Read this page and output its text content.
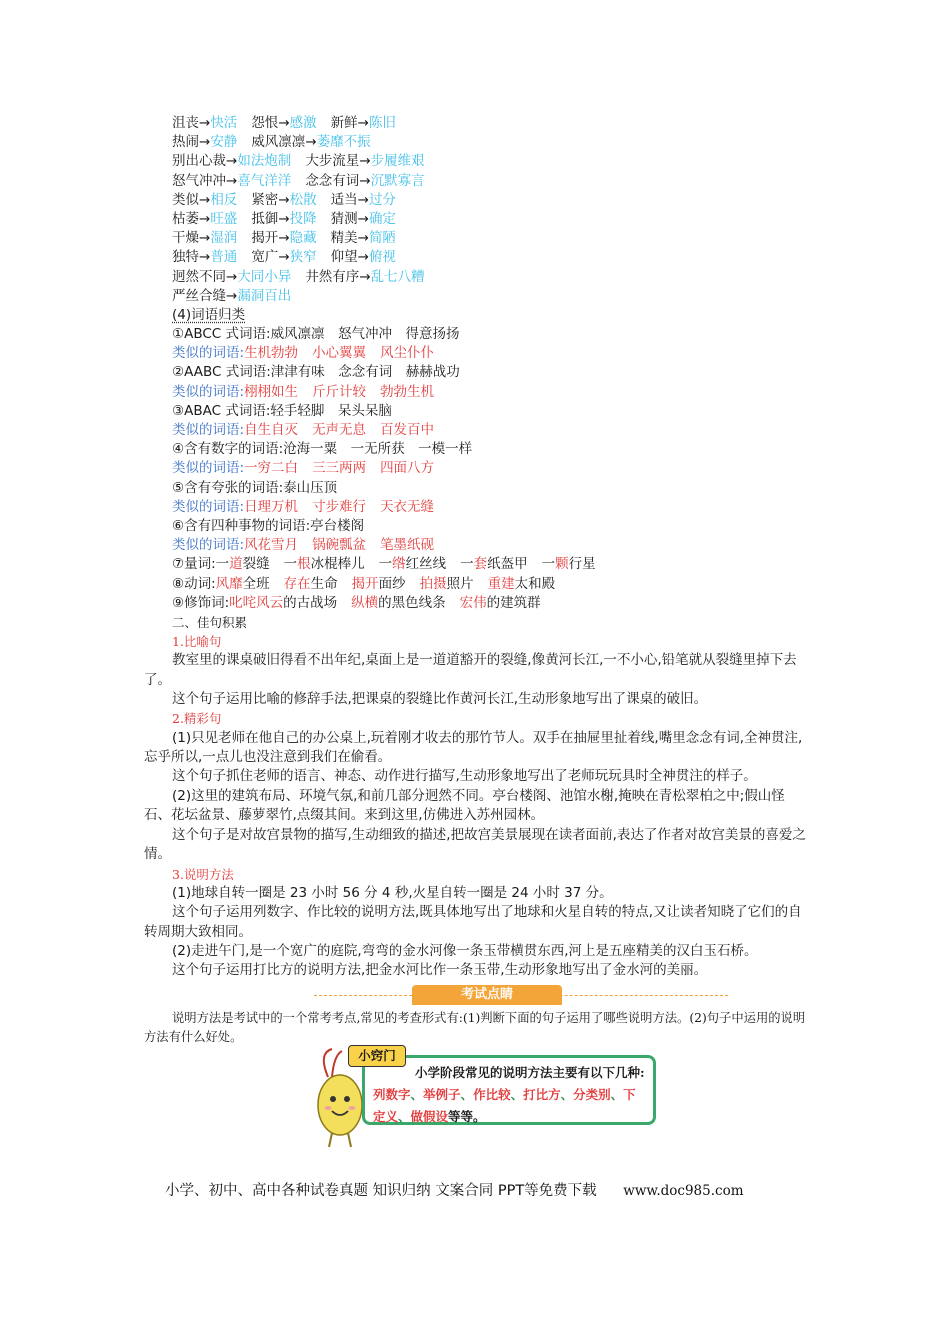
沮丧→快活 怨恨→感激 新鲜→陈旧
热闹→安静 威风凛凛→萎靡不振
别出心裁→如法炮制 大步流星→步履维艰
怒气冲冲→喜气洋洋 念念有词→沉默寡言
类似→相反 紧密→松散 适当→过分
枯萎→旺盛 抵御→投降 猜测→确定
干燥→湿润 揭开→隐藏 精美→简陋
独特→普通 宽广→狭窄 仰望→俯视
迥然不同→大同小异 井然有序→乱七八糟
严丝合缝→漏洞百出
(4)词语归类
①ABCC 式词语:威风凛凛　怒气冲冲　得意扬扬
类似的词语:生机勃勃 小心翼翼 风尘仆仆
②AABC 式词语:津津有味　念念有词　赫赫战功
类似的词语:栩栩如生 斤斤计较 勃勃生机
③ABAC 式词语:轻手轻脚　呆头呆脑
类似的词语:自生自灭 无声无息 百发百中
④含有数字的词语:沧海一粟　一无所获　一模一样
类似的词语:一穷二白 三三两两 四面八方
⑤含有夸张的词语:泰山压顶
类似的词语:日理万机 寸步难行 天衣无缝
⑥含有四种事物的词语:亭台楼阁
类似的词语:风花雪月 锅碗瓢盆 笔墨纸砚
⑦量词:一道裂缝 一根冰棍棒儿 一绺红丝线 一套纸盔甲 一颗行星
⑧动词:风靡全班 存在生命 揭开面纱 拍摄照片 重建太和殿
⑨修饰词:叱咤风云的古战场 纵横的黑色线条 宏伟的建筑群
二、佳句积累
1.比喻句
教室里的课桌破旧得看不出年纪,桌面上是一道道豁开的裂缝,像黄河长江,一不小心,铅笔就从裂缝里掉下去了。
这个句子运用比喻的修辞手法,把课桌的裂缝比作黄河长江,生动形象地写出了课桌的破旧。
2.精彩句
(1)只见老师在他自己的办公桌上,玩着刚才收去的那竹节人。双手在抽屉里扯着线,嘴里念念有词,全神贯注,忘乎所以,一点儿也没注意到我们在偷看。
这个句子抓住老师的语言、神态、动作进行描写,生动形象地写出了老师玩玩具时全神贯注的样子。
(2)这里的建筑布局、环境气氛,和前几部分迥然不同。亭台楼阁、池馆水榭,掩映在青松翠柏之中;假山怪石、花坛盆景、藤萝翠竹,点缀其间。来到这里,仿佛进入苏州园林。
这个句子是对故宫景物的描写,生动细致的描述,把故宫美景展现在读者面前,表达了作者对故宫美景的喜爱之情。
3.说明方法
(1)地球自转一圈是 23 小时 56 分 4 秒,火星自转一圈是 24 小时 37 分。
这个句子运用列数字、作比较的说明方法,既具体地写出了地球和火星自转的特点,又让读者知晓了它们的自转周期大致相同。
(2)走进午门,是一个宽广的庭院,弯弯的金水河像一条玉带横贯东西,河上是五座精美的汉白玉石桥。
这个句子运用打比方的说明方法,把金水河比作一条玉带,生动形象地写出了金水河的美丽。
考试点睛
说明方法是考试中的一个常考考点,常见的考查形式有:(1)判断下面的句子运用了哪些说明方法。(2)句子中运用的说明方法有什么好处。
小学阶段常见的说明方法主要有以下几种:列数字、举例子、作比较、打比方、分类别、下定义、做假设等等。
小窍门
小学、初中、高中各种试卷真题 知识归纳 文案合同 PPT等免费下载 www.doc985.com
